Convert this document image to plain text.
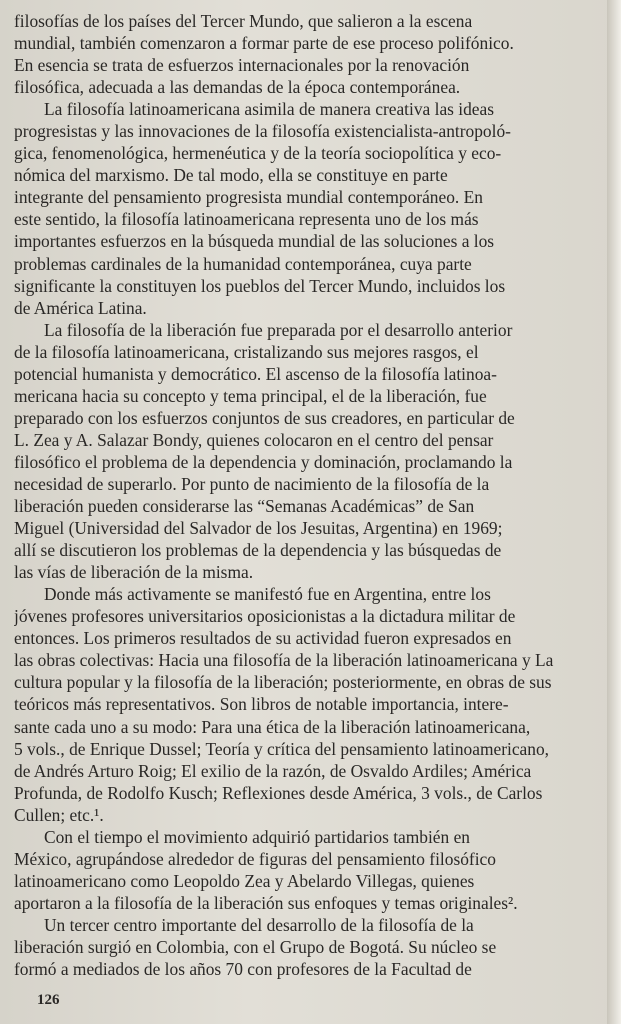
filosofías de los países del Tercer Mundo, que salieron a la escena
mundial, también comenzaron a formar parte de ese proceso polifónico.
En esencia se trata de esfuerzos internacionales por la renovación
filosófica, adecuada a las demandas de la época contemporánea.
La filosofía latinoamericana asimila de manera creativa las ideas
progresistas y las innovaciones de la filosofía existencialista-antropoló-
gica, fenomenológica, hermenéutica y de la teoría sociopolítica y eco-
nómica del marxismo. De tal modo, ella se constituye en parte
integrante del pensamiento progresista mundial contemporáneo. En
este sentido, la filosofía latinoamericana representa uno de los más
importantes esfuerzos en la búsqueda mundial de las soluciones a los
problemas cardinales de la humanidad contemporánea, cuya parte
significante la constituyen los pueblos del Tercer Mundo, incluidos los
de América Latina.
La filosofía de la liberación fue preparada por el desarrollo anterior
de la filosofía latinoamericana, cristalizando sus mejores rasgos, el
potencial humanista y democrático. El ascenso de la filosofía latinoa-
mericana hacia su concepto y tema principal, el de la liberación, fue
preparado con los esfuerzos conjuntos de sus creadores, en particular de
L. Zea y A. Salazar Bondy, quienes colocaron en el centro del pensar
filosófico el problema de la dependencia y dominación, proclamando la
necesidad de superarlo. Por punto de nacimiento de la filosofía de la
liberación pueden considerarse las “Semanas Académicas” de San
Miguel (Universidad del Salvador de los Jesuitas, Argentina) en 1969;
allí se discutieron los problemas de la dependencia y las búsquedas de
las vías de liberación de la misma.
Donde más activamente se manifestó fue en Argentina, entre los
jóvenes profesores universitarios oposicionistas a la dictadura militar de
entonces. Los primeros resultados de su actividad fueron expresados en
las obras colectivas: Hacia una filosofía de la liberación latinoamericana y La
cultura popular y la filosofía de la liberación; posteriormente, en obras de sus
teóricos más representativos. Son libros de notable importancia, intere-
sante cada uno a su modo: Para una ética de la liberación latinoamericana,
5 vols., de Enrique Dussel; Teoría y crítica del pensamiento latinoamericano,
de Andrés Arturo Roig; El exilio de la razón, de Osvaldo Ardiles; América
Profunda, de Rodolfo Kusch; Reflexiones desde América, 3 vols., de Carlos
Cullen; etc.¹.
Con el tiempo el movimiento adquirió partidarios también en
México, agrupándose alrededor de figuras del pensamiento filosófico
latinoamericano como Leopoldo Zea y Abelardo Villegas, quienes
aportaron a la filosofía de la liberación sus enfoques y temas originales².
Un tercer centro importante del desarrollo de la filosofía de la
liberación surgió en Colombia, con el Grupo de Bogotá. Su núcleo se
formó a mediados de los años 70 con profesores de la Facultad de
126
